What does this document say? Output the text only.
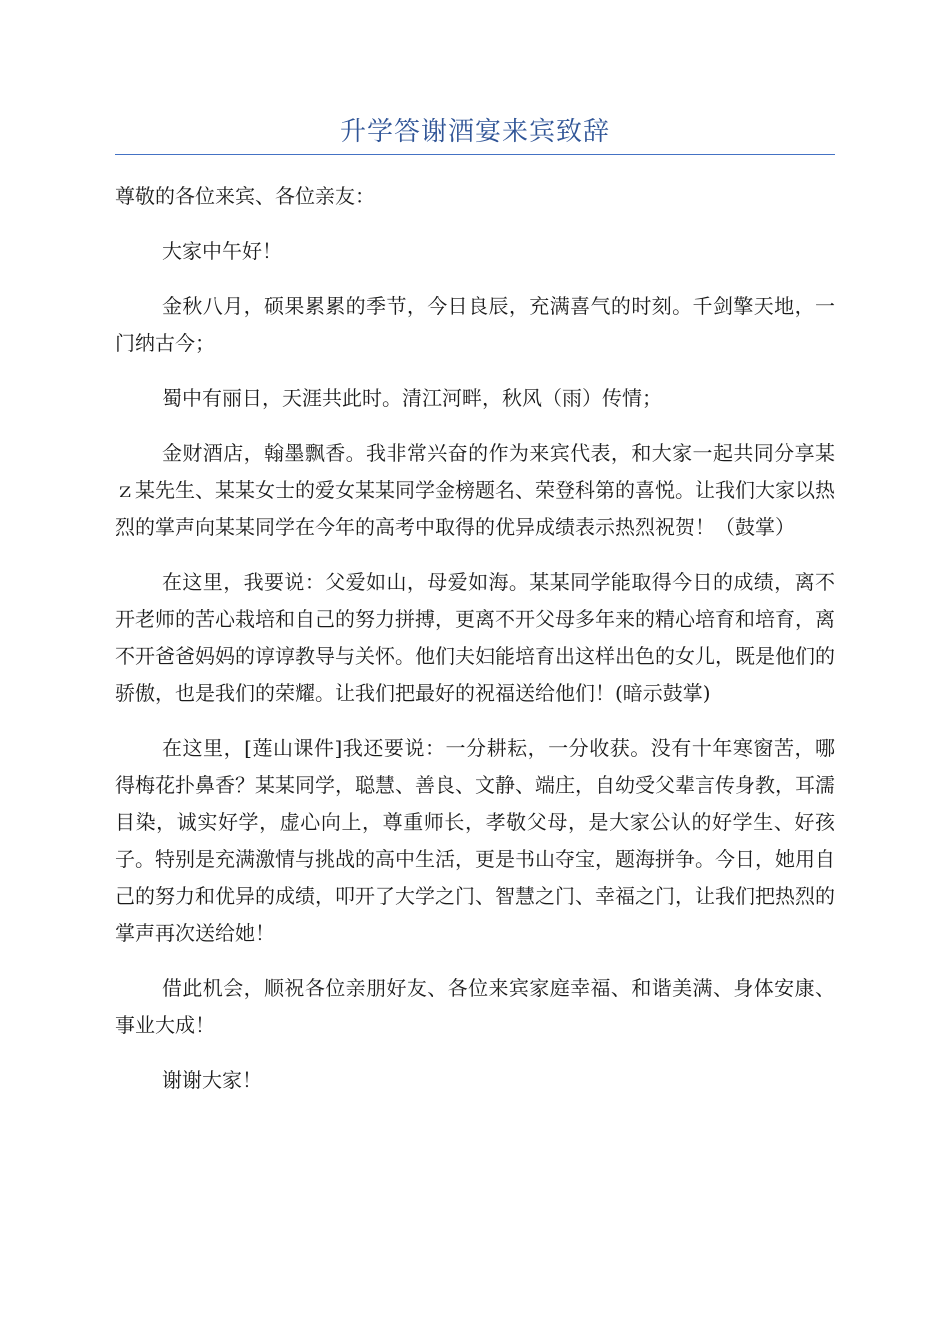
升学答谢酒宴来宾致辞

尊敬的各位来宾、各位亲友：

大家中午好！

金秋八月，硕果累累的季节，今日良辰，充满喜气的时刻。千剑擎天地，一门纳古今；

蜀中有丽日，天涯共此时。清江河畔，秋风（雨）传情；

金财酒店，翰墨飘香。我非常兴奋的作为来宾代表，和大家一起共同分享某ｚ某先生、某某女士的爱女某某同学金榜题名、荣登科第的喜悦。让我们大家以热烈的掌声向某某同学在今年的高考中取得的优异成绩表示热烈祝贺！（鼓掌）

在这里，我要说：父爱如山，母爱如海。某某同学能取得今日的成绩，离不开老师的苦心栽培和自己的努力拼搏，更离不开父母多年来的精心培育和培育，离不开爸爸妈妈的谆谆教导与关怀。他们夫妇能培育出这样出色的女儿，既是他们的骄傲，也是我们的荣耀。让我们把最好的祝福送给他们！(暗示鼓掌)

在这里，[莲山课件]我还要说：一分耕耘，一分收获。没有十年寒窗苦，哪得梅花扑鼻香？某某同学，聪慧、善良、文静、端庄，自幼受父辈言传身教，耳濡目染，诚实好学，虚心向上，尊重师长，孝敬父母，是大家公认的好学生、好孩子。特别是充满激情与挑战的高中生活，更是书山夺宝，题海拼争。今日，她用自己的努力和优异的成绩，叩开了大学之门、智慧之门、幸福之门，让我们把热烈的掌声再次送给她！

借此机会，顺祝各位亲朋好友、各位来宾家庭幸福、和谐美满、身体安康、事业大成！

谢谢大家！
